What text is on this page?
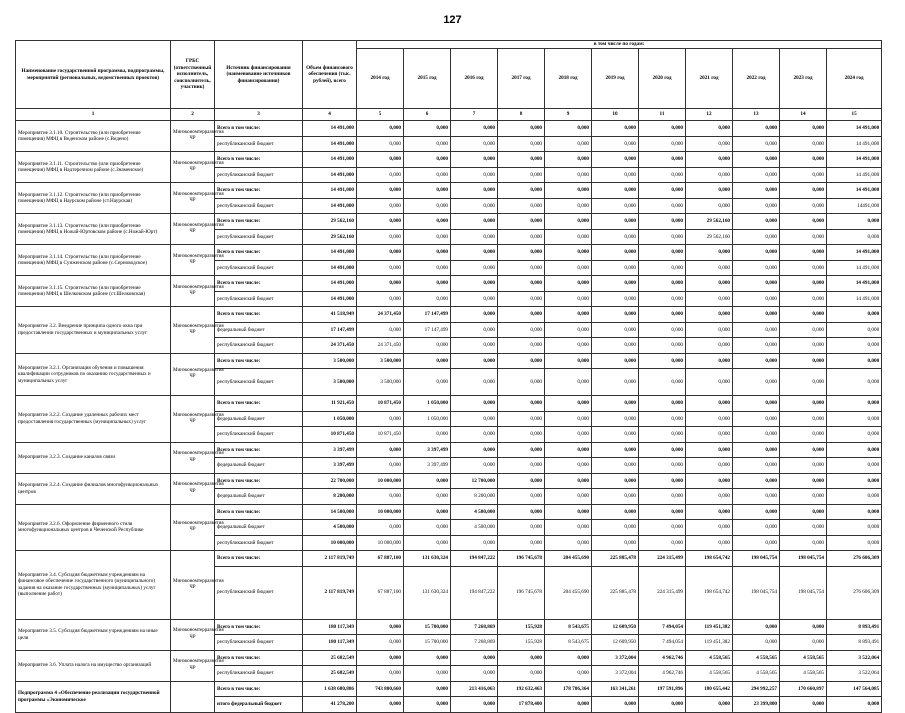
127
Наименование государственной программы, подпрограммы, мероприятий (региональных, ведомственных проектов)	ГРБС (ответственный исполнитель, соисполнитель, участник)	Источник финансирования (наименование источников финансирования)	Объем финансового обеспечения (тыс. рублей), всего	в том числе по годам:										
				2014 год	2015 год	2016 год	2017 год	2018 год	2019 год	2020 год	2021 год	2022 год	2023 год	2024 год
1	2	3	4	5	6	7	8	9	10	11	12	13	14	15
Мероприятие 3.1.10. Строительство (или приобретение помещения) МФЦ в Веденском районе (с.Ведено)	Минэкономтерразвития ЧР	Всего в том числе:	14 491,000	0,000	0,000	0,000	0,000	0,000	0,000	0,000	0,000	0,000	0,000	14 491,000
		республиканский бюджет	14 491,000	0,000	0,000	0,000	0,000	0,000	0,000	0,000	0,000	0,000	0,000	14 491,000
Мероприятие 3.1.11. Строительство (или приобретение помещения) МФЦ в Надтеречном районе (с.Знаменское)	Минэкономтерразвития ЧР	Всего в том числе:	14 491,000	0,000	0,000	0,000	0,000	0,000	0,000	0,000	0,000	0,000	0,000	14 491,000
		республиканский бюджет	14 491,000	0,000	0,000	0,000	0,000	0,000	0,000	0,000	0,000	0,000	0,000	14 491,000
Мероприятие 3.1.12. Строительство (или приобретение помещения) МФЦ в Наурском районе (ст.Наурская)	Минэкономтерразвития ЧР	Всего в том числе:	14 491,000	0,000	0,000	0,000	0,000	0,000	0,000	0,000	0,000	0,000	0,000	14 491,000
		республиканский бюджет	14 491,000	0,000	0,000	0,000	0,000	0,000	0,000	0,000	0,000	0,000	0,000	14491,000
Мероприятие 3.1.13. Строительство (или приобретение помещения) МФЦ в Ножай-Юртовском районе (с.Ножай-Юрт)	Минэкономтерразвития ЧР	Всего в том числе:	29 562,160	0,000	0,000	0,000	0,000	0,000	0,000	0,000	29 562,160	0,000	0,000	0,000
		республиканский бюджет	29 562,160	0,000	0,000	0,000	0,000	0,000	0,000	0,000	29 562,160	0,000	0,000	0,000
Мероприятие 3.1.14. Строительство (или приобретение помещения) МФЦ в Сунженском районе (с.Серноводское)	Минэкономтерразвития ЧР	Всего в том числе:	14 491,000	0,000	0,000	0,000	0,000	0,000	0,000	0,000	0,000	0,000	0,000	14 491,000
		республиканский бюджет	14 491,000	0,000	0,000	0,000	0,000	0,000	0,000	0,000	0,000	0,000	0,000	14 491,000
Мероприятие 3.1.15. Строительство (или приобретение помещения) МФЦ в Шелковском районе (ст.Шелковская)	Минэкономтерразвития ЧР	Всего в том числе:	14 491,000	0,000	0,000	0,000	0,000	0,000	0,000	0,000	0,000	0,000	0,000	14 491,000
		республиканский бюджет	14 491,000	0,000	0,000	0,000	0,000	0,000	0,000	0,000	0,000	0,000	0,000	14 491,000
Мероприятие 3.2. Внедрение принципа одного окна при предоставлении государственных и муниципальных услуг	Минэкономтерразвития ЧР	Всего в том числе:	41 518,949	24 371,450	17 147,499	0,000	0,000	0,000	0,000	0,000	0,000	0,000	0,000	0,000
		федеральный бюджет	17 147,499	0,000	17 147,499	0,000	0,000	0,000	0,000	0,000	0,000	0,000	0,000	0,000
		республиканский бюджет	24 371,450	24 371,450	0,000	0,000	0,000	0,000	0,000	0,000	0,000	0,000	0,000	0,000
Мероприятие 3.2.1. Организация обучения и повышения квалификации сотрудников по оказанию государственных и муниципальных услуг	Минэкономтерразвития ЧР	Всего в том числе:	3 500,000	3 500,000	0,000	0,000	0,000	0,000	0,000	0,000	0,000	0,000	0,000	0,000
		республиканский бюджет	3 500,000	3 500,000	0,000	0,000	0,000	0,000	0,000	0,000	0,000	0,000	0,000	0,000
Мероприятие 3.2.2. Создание удаленных рабочих мест предоставления государственных (муниципальных) услуг	Минэкономтерразвития ЧР	Всего в том числе:	11 921,450	10 871,450	1 050,000	0,000	0,000	0,000	0,000	0,000	0,000	0,000	0,000	0,000
		федеральный бюджет	1 050,000	0,000	1 050,000	0,000	0,000	0,000	0,000	0,000	0,000	0,000	0,000	0,000
		республиканский бюджет	10 871,450	10 871,450	0,000	0,000	0,000	0,000	0,000	0,000	0,000	0,000	0,000	0,000
Мероприятие 3.2.3. Создание каналов связи	Минэкономтерразвития ЧР	Всего в том числе:	3 397,499	0,000	3 397,499	0,000	0,000	0,000	0,000	0,000	0,000	0,000	0,000	0,000
		федеральный бюджет	3 397,499	0,000	3 397,499	0,000	0,000	0,000	0,000	0,000	0,000	0,000	0,000	0,000
Мероприятие 3.2.4. Создание филиалов многофункциональных центров	Минэкономтерразвития ЧР	Всего в том числе:	22 700,000	10 000,000	0,000	12 700,000	0,000	0,000	0,000	0,000	0,000	0,000	0,000	0,000
		федеральный бюджет	8 200,000	0,000	0,000	8 200,000	0,000	0,000	0,000	0,000	0,000	0,000	0,000	0,000
Мероприятие 3.2.6. Оформление фирменного стиля многофункциональных центров в Чеченской Республике	Минэкономтерразвития ЧР	Всего в том числе:	14 500,000	10 000,000	0,000	4 500,000	0,000	0,000	0,000	0,000	0,000	0,000	0,000	0,000
		федеральный бюджет	4 500,000	0,000	0,000	4 500,000	0,000	0,000	0,000	0,000	0,000	0,000	0,000	0,000
		республиканский бюджет	10 000,000	10 000,000	0,000	0,000	0,000	0,000	0,000	0,000	0,000	0,000	0,000	0,000
Мероприятие 3.4. Субсидия бюджетным учреждениям на финансовое обеспечение государственного (муниципального) задания на оказание государственных (муниципальных) услуг (выполнение работ)	Минэкономтерразвития ЧР	Всего в том числе:	2 117 819,749	67 887,100	131 630,324	194 847,222	196 745,678	204 455,690	225 885,478	224 315,499	198 654,742	198 045,754	198 045,754	276 606,309
		республиканский бюджет	2 117 819,749	67 887,100	131 630,324	194 847,222	196 745,678	204 455,690	225 885,478	224 315,499	198 654,742	198 045,754	198 045,754	276 606,309
Мероприятие 3.5. Субсидия бюджетным учреждениям на иные цели	Минэкономтерразвития ЧР	Всего в том числе:	180 117,349	0,000	15 700,000	7 268,869	155,928	8 543,675	12 609,950	7 494,054	119 451,382	0,000	0,000	8 893,491
		республиканский бюджет	180 117,349	0,000	15 700,000	7 268,869	155,928	8 543,675	12 609,950	7 494,054	119 451,382	0,000	0,000	8 893,491
Мероприятие 3.6. Уплата налога на имущество организаций	Минэкономтерразвития ЧР	Всего в том числе:	25 682,549	0,000	0,000	0,000	0,000	0,000	3 372,004	4 962,746	4 558,565	4 558,565	4 558,565	3 522,064
		республиканский бюджет	25 682,549	0,000	0,000	0,000	0,000	0,000	3 372,004	4 962,746	4 558,565	4 558,565	4 558,565	3 522,064
Подпрограмма 4 «Обеспечение реализации государственной программы «Экономическое		Всего в том числе:	1 638 680,886	743 800,660	0,000	213 416,063	192 632,463	178 786,364	163 341,261	197 591,896	180 655,442	294 992,257	170 660,897	147 564,085
		итого федеральный бюджет	41 278,200	0,000	0,000	0,000	17 878,400	0,000	0,000	0,000	0,000	23 399,800	0,000	0,000
